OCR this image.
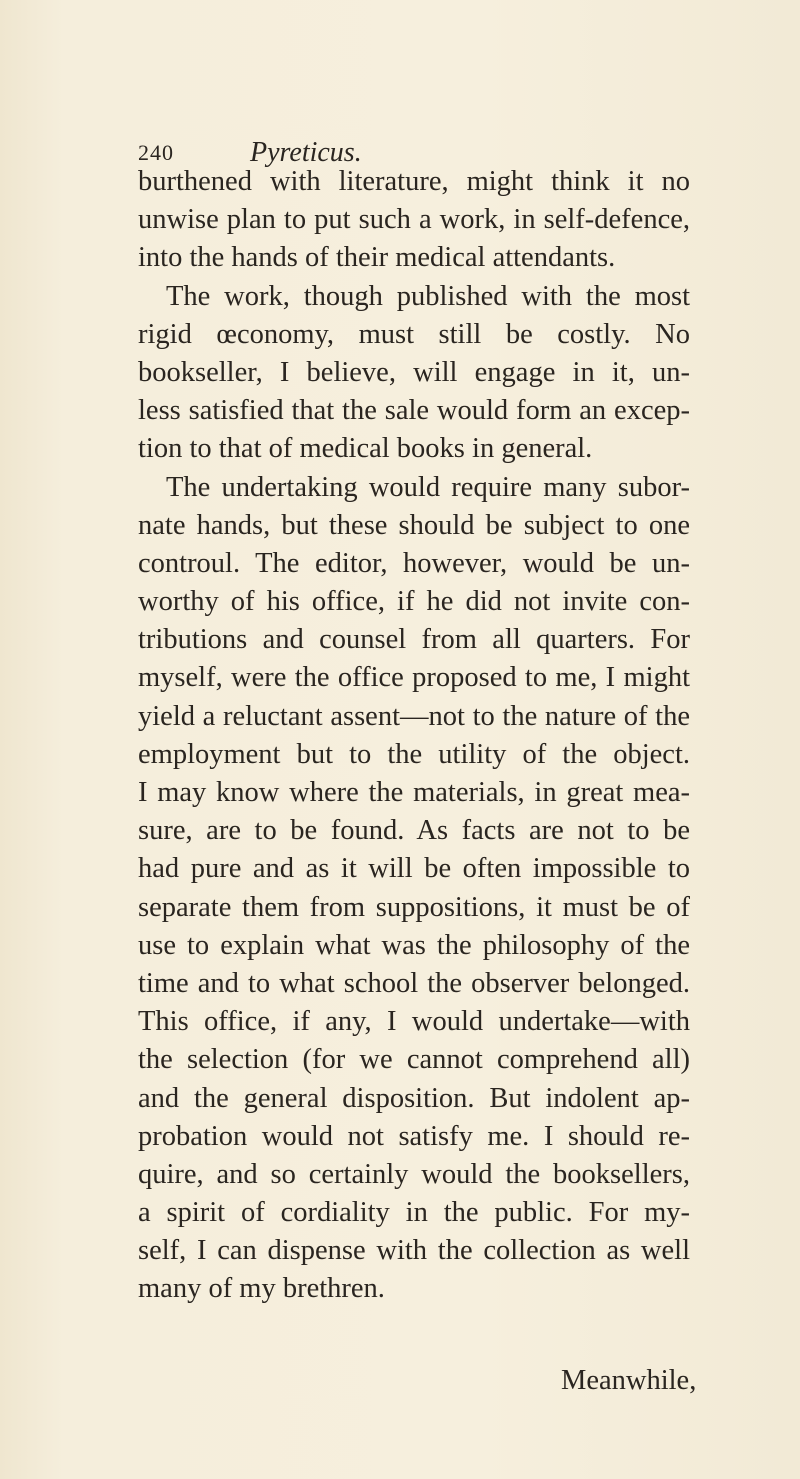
240	Pyreticus.
burthened with literature, might think it no
unwise plan to put such a work, in self-defence,
into the hands of their medical attendants.
The work, though published with the most
rigid œconomy, must still be costly. No
bookseller, I believe, will engage in it, un-
less satisfied that the sale would form an excep-
tion to that of medical books in general.
The undertaking would require many subor-
nate hands, but these should be subject to one
controul. The editor, however, would be un-
worthy of his office, if he did not invite con-
tributions and counsel from all quarters. For
myself, were the office proposed to me, I might
yield a reluctant assent—not to the nature of the
employment but to the utility of the object.
I may know where the materials, in great mea-
sure, are to be found. As facts are not to be
had pure and as it will be often impossible to
separate them from suppositions, it must be of
use to explain what was the philosophy of the
time and to what school the observer belonged.
This office, if any, I would undertake—with
the selection (for we cannot comprehend all)
and the general disposition. But indolent ap-
probation would not satisfy me. I should re-
quire, and so certainly would the booksellers,
a spirit of cordiality in the public. For my-
self, I can dispense with the collection as well
many of my brethren.
Meanwhile,
